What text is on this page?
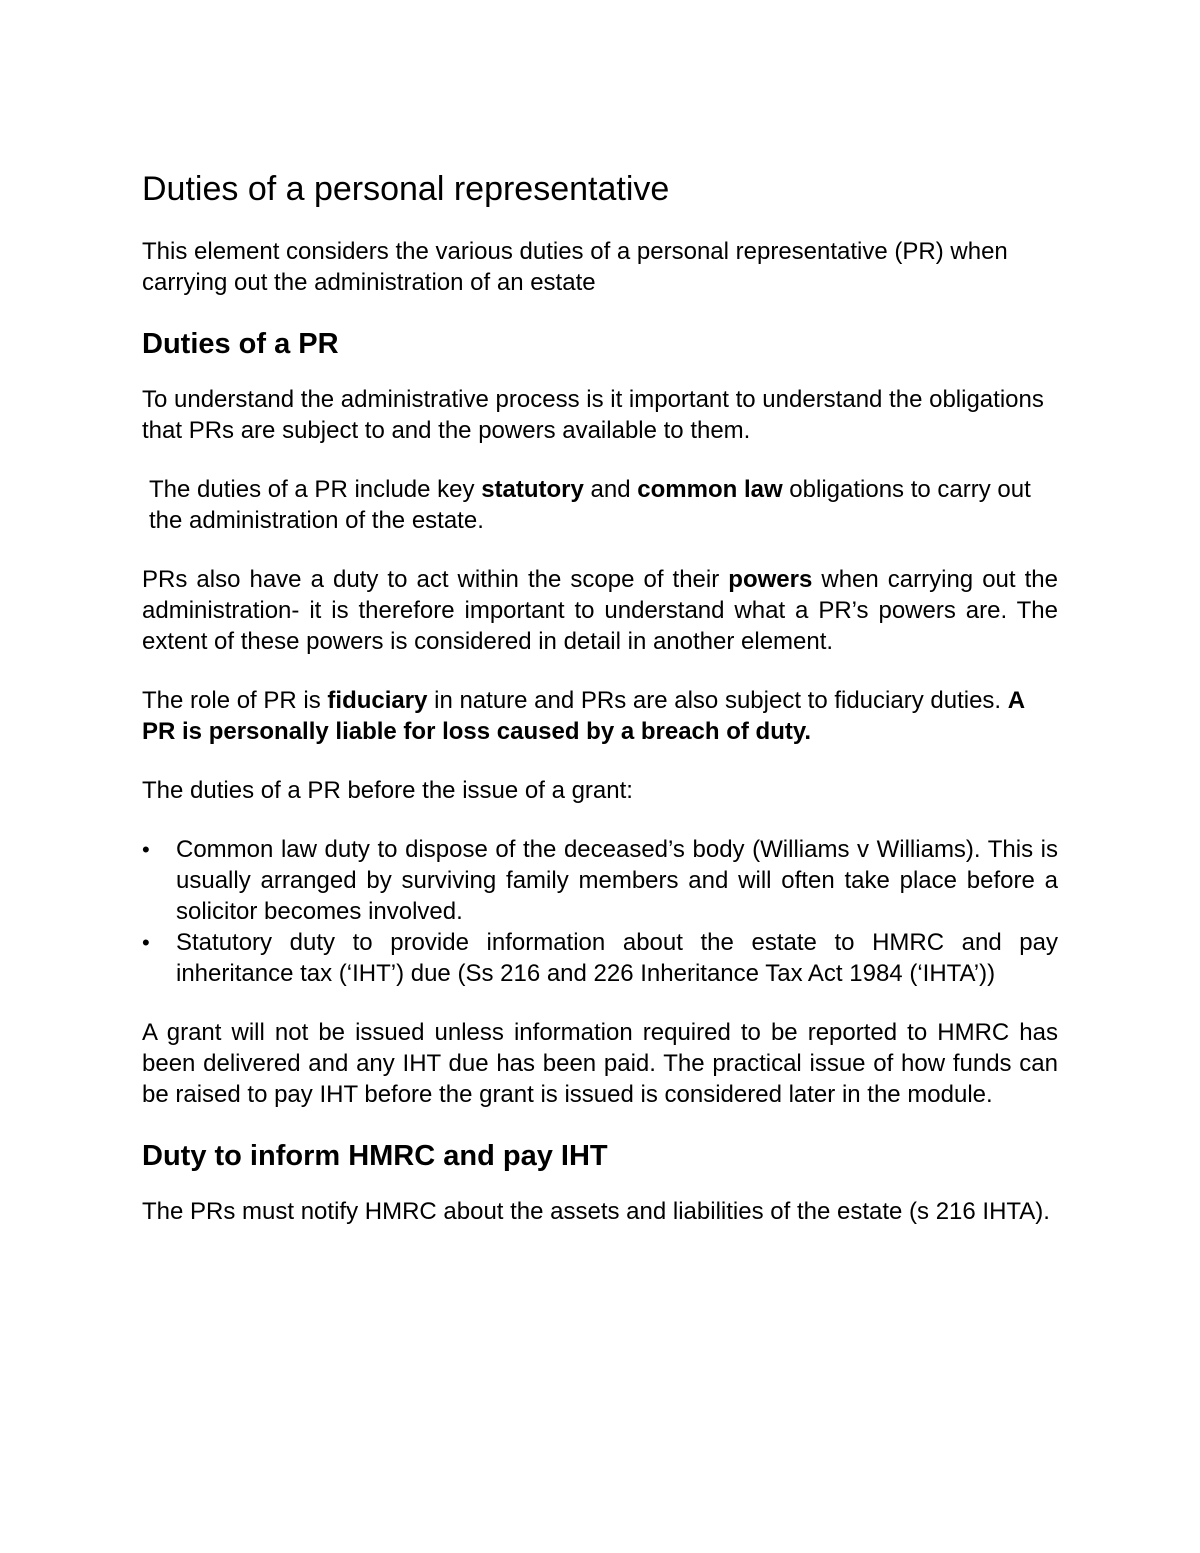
Duties of a personal representative

This element considers the various duties of a personal representative (PR) when carrying out the administration of an estate

Duties of a PR

To understand the administrative process is it important to understand the obligations that PRs are subject to and the powers available to them.

The duties of a PR include key statutory and common law obligations to carry out the administration of the estate.

PRs also have a duty to act within the scope of their powers when carrying out the administration- it is therefore important to understand what a PR’s powers are. The extent of these powers is considered in detail in another element.

The role of PR is fiduciary in nature and PRs are also subject to fiduciary duties. A PR is personally liable for loss caused by a breach of duty.

The duties of a PR before the issue of a grant:

•	Common law duty to dispose of the deceased’s body (Williams v Williams). This is usually arranged by surviving family members and will often take place before a solicitor becomes involved.
•	Statutory duty to provide information about the estate to HMRC and pay inheritance tax (‘IHT’) due (Ss 216 and 226 Inheritance Tax Act 1984 (‘IHTA’))

A grant will not be issued unless information required to be reported to HMRC has been delivered and any IHT due has been paid. The practical issue of how funds can be raised to pay IHT before the grant is issued is considered later in the module.

Duty to inform HMRC and pay IHT

The PRs must notify HMRC about the assets and liabilities of the estate (s 216 IHTA).
